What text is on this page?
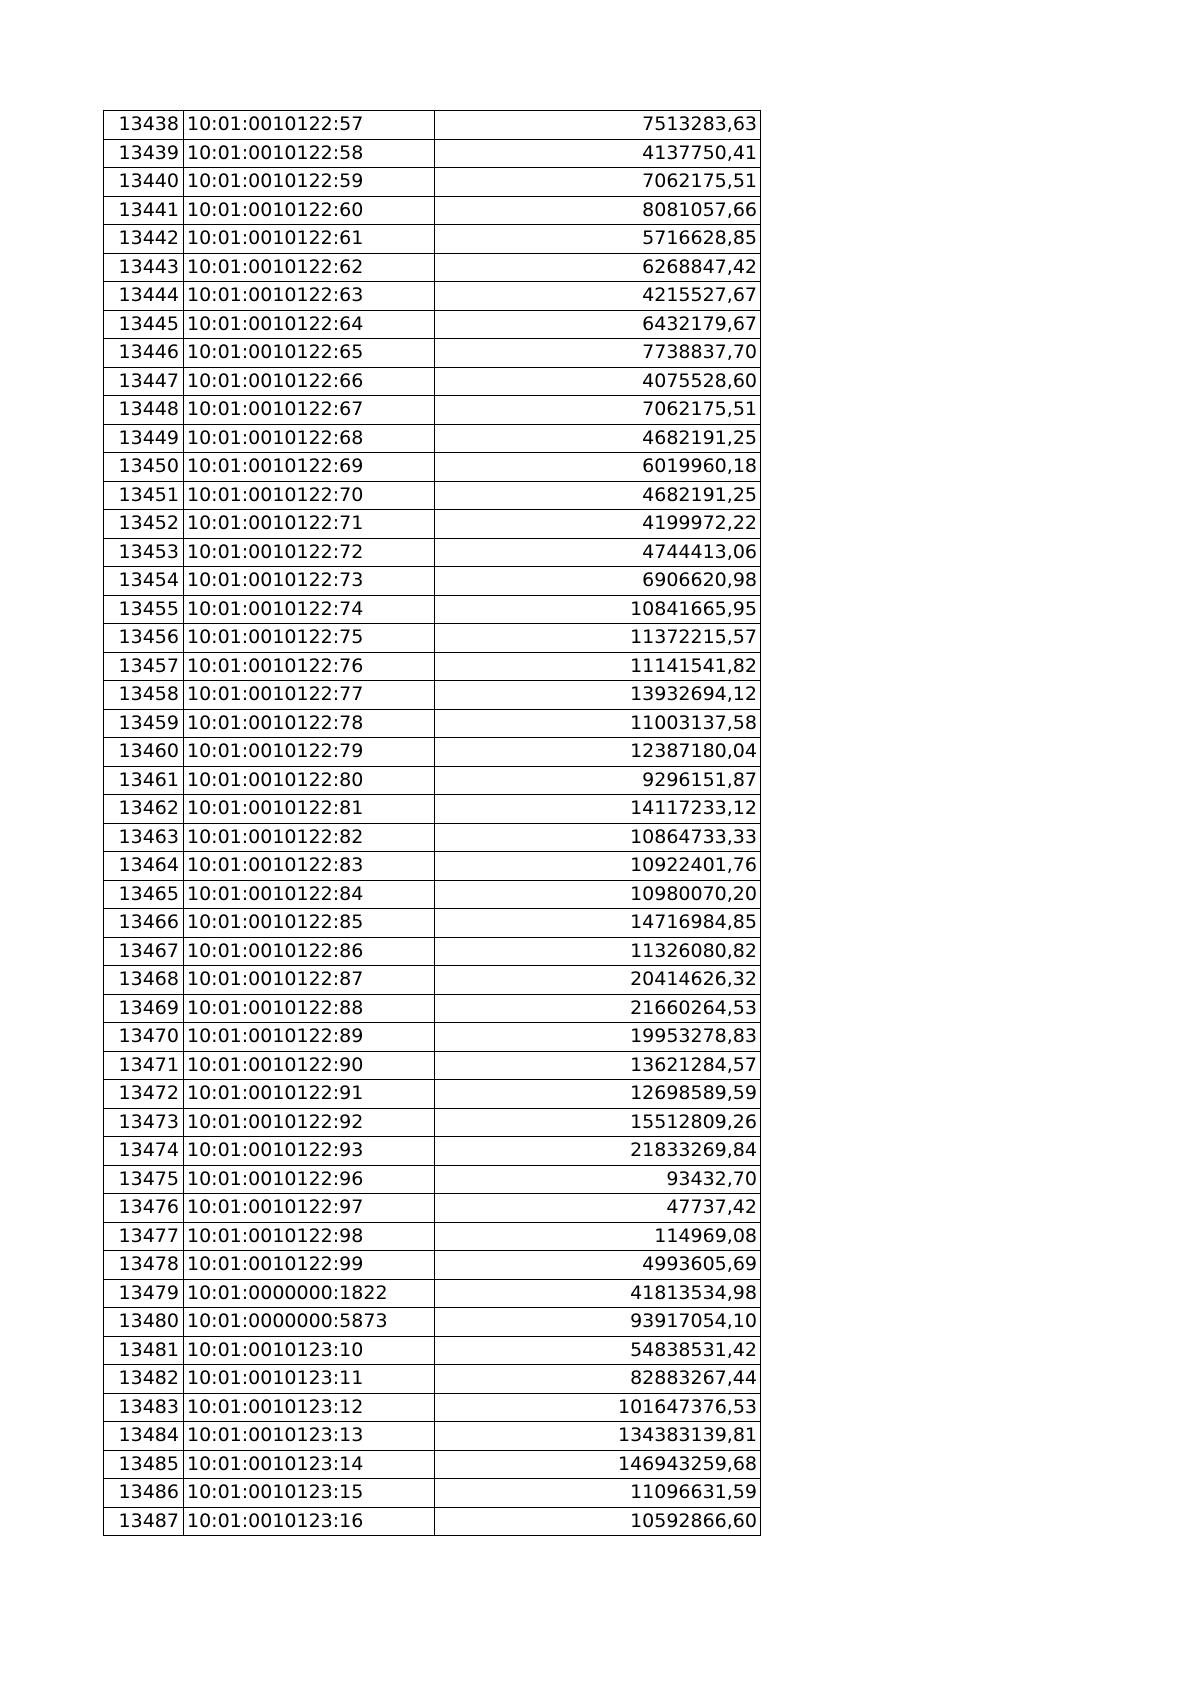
13438	10:01:0010122:57	7513283,63
13439	10:01:0010122:58	4137750,41
13440	10:01:0010122:59	7062175,51
13441	10:01:0010122:60	8081057,66
13442	10:01:0010122:61	5716628,85
13443	10:01:0010122:62	6268847,42
13444	10:01:0010122:63	4215527,67
13445	10:01:0010122:64	6432179,67
13446	10:01:0010122:65	7738837,70
13447	10:01:0010122:66	4075528,60
13448	10:01:0010122:67	7062175,51
13449	10:01:0010122:68	4682191,25
13450	10:01:0010122:69	6019960,18
13451	10:01:0010122:70	4682191,25
13452	10:01:0010122:71	4199972,22
13453	10:01:0010122:72	4744413,06
13454	10:01:0010122:73	6906620,98
13455	10:01:0010122:74	10841665,95
13456	10:01:0010122:75	11372215,57
13457	10:01:0010122:76	11141541,82
13458	10:01:0010122:77	13932694,12
13459	10:01:0010122:78	11003137,58
13460	10:01:0010122:79	12387180,04
13461	10:01:0010122:80	9296151,87
13462	10:01:0010122:81	14117233,12
13463	10:01:0010122:82	10864733,33
13464	10:01:0010122:83	10922401,76
13465	10:01:0010122:84	10980070,20
13466	10:01:0010122:85	14716984,85
13467	10:01:0010122:86	11326080,82
13468	10:01:0010122:87	20414626,32
13469	10:01:0010122:88	21660264,53
13470	10:01:0010122:89	19953278,83
13471	10:01:0010122:90	13621284,57
13472	10:01:0010122:91	12698589,59
13473	10:01:0010122:92	15512809,26
13474	10:01:0010122:93	21833269,84
13475	10:01:0010122:96	93432,70
13476	10:01:0010122:97	47737,42
13477	10:01:0010122:98	114969,08
13478	10:01:0010122:99	4993605,69
13479	10:01:0000000:1822	41813534,98
13480	10:01:0000000:5873	93917054,10
13481	10:01:0010123:10	54838531,42
13482	10:01:0010123:11	82883267,44
13483	10:01:0010123:12	101647376,53
13484	10:01:0010123:13	134383139,81
13485	10:01:0010123:14	146943259,68
13486	10:01:0010123:15	11096631,59
13487	10:01:0010123:16	10592866,60
